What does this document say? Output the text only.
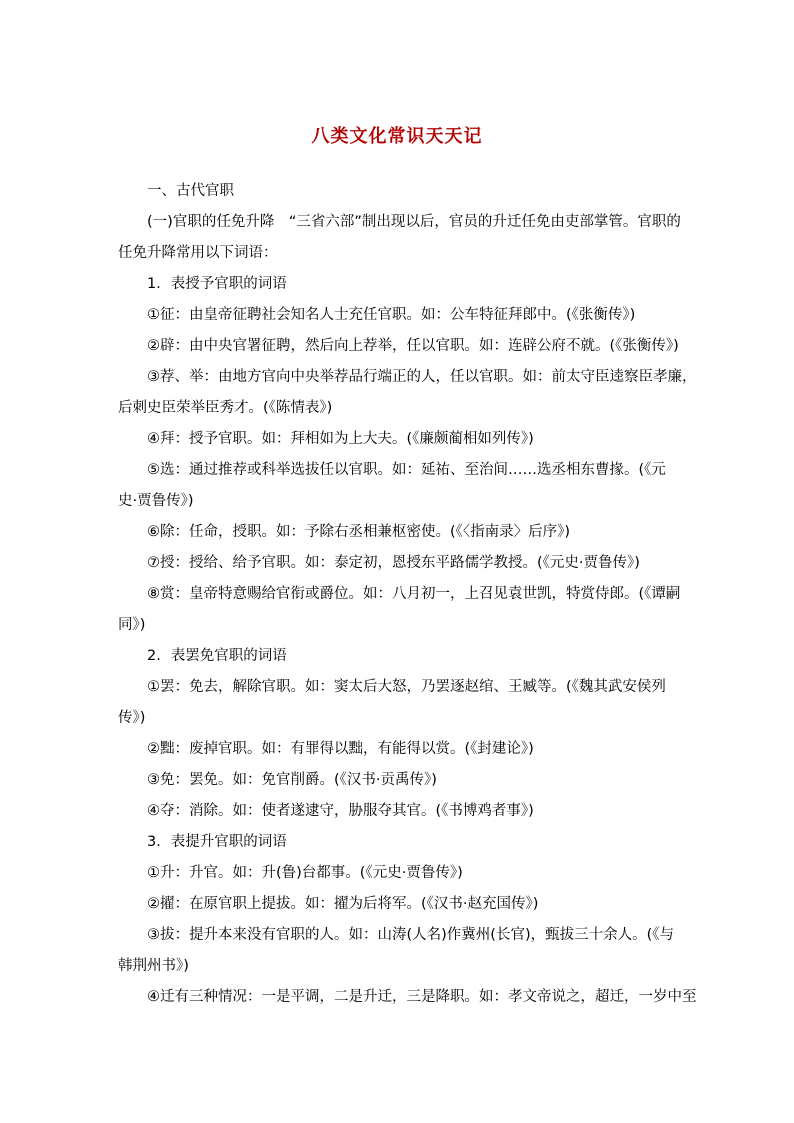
八类文化常识天天记
一、古代官职
(一)官职的任免升降　“三省六部”制出现以后，官员的升迁任免由吏部掌管。官职的
任免升降常用以下词语：
1．表授予官职的词语
①征：由皇帝征聘社会知名人士充任官职。如：公车特征拜郎中。(《张衡传》)
②辟：由中央官署征聘，然后向上荐举，任以官职。如：连辟公府不就。(《张衡传》)
③荐、举：由地方官向中央举荐品行端正的人，任以官职。如：前太守臣逵察臣孝廉，
后刺史臣荣举臣秀才。(《陈情表》)
④拜：授予官职。如：拜相如为上大夫。(《廉颇蔺相如列传》)
⑤选：通过推荐或科举选拔任以官职。如：延祐、至治间……选丞相东曹掾。(《元
史·贾鲁传》)
⑥除：任命，授职。如：予除右丞相兼枢密使。(《〈指南录〉后序》)
⑦授：授给、给予官职。如：泰定初，恩授东平路儒学教授。(《元史·贾鲁传》)
⑧赏：皇帝特意赐给官衔或爵位。如：八月初一，上召见袁世凯，特赏侍郎。(《谭嗣
同》)
2．表罢免官职的词语
①罢：免去，解除官职。如：窦太后大怒，乃罢逐赵绾、王臧等。(《魏其武安侯列
传》)
②黜：废掉官职。如：有罪得以黜，有能得以赏。(《封建论》)
③免：罢免。如：免官削爵。(《汉书·贡禹传》)
④夺：消除。如：使者遂逮守，胁服夺其官。(《书博鸡者事》)
3．表提升官职的词语
①升：升官。如：升(鲁)台都事。(《元史·贾鲁传》)
②擢：在原官职上提拔。如：擢为后将军。(《汉书·赵充国传》)
③拔：提升本来没有官职的人。如：山涛(人名)作冀州(长官)，甄拔三十余人。(《与
韩荆州书》)
④迁有三种情况：一是平调，二是升迁，三是降职。如：孝文帝说之，超迁，一岁中至
